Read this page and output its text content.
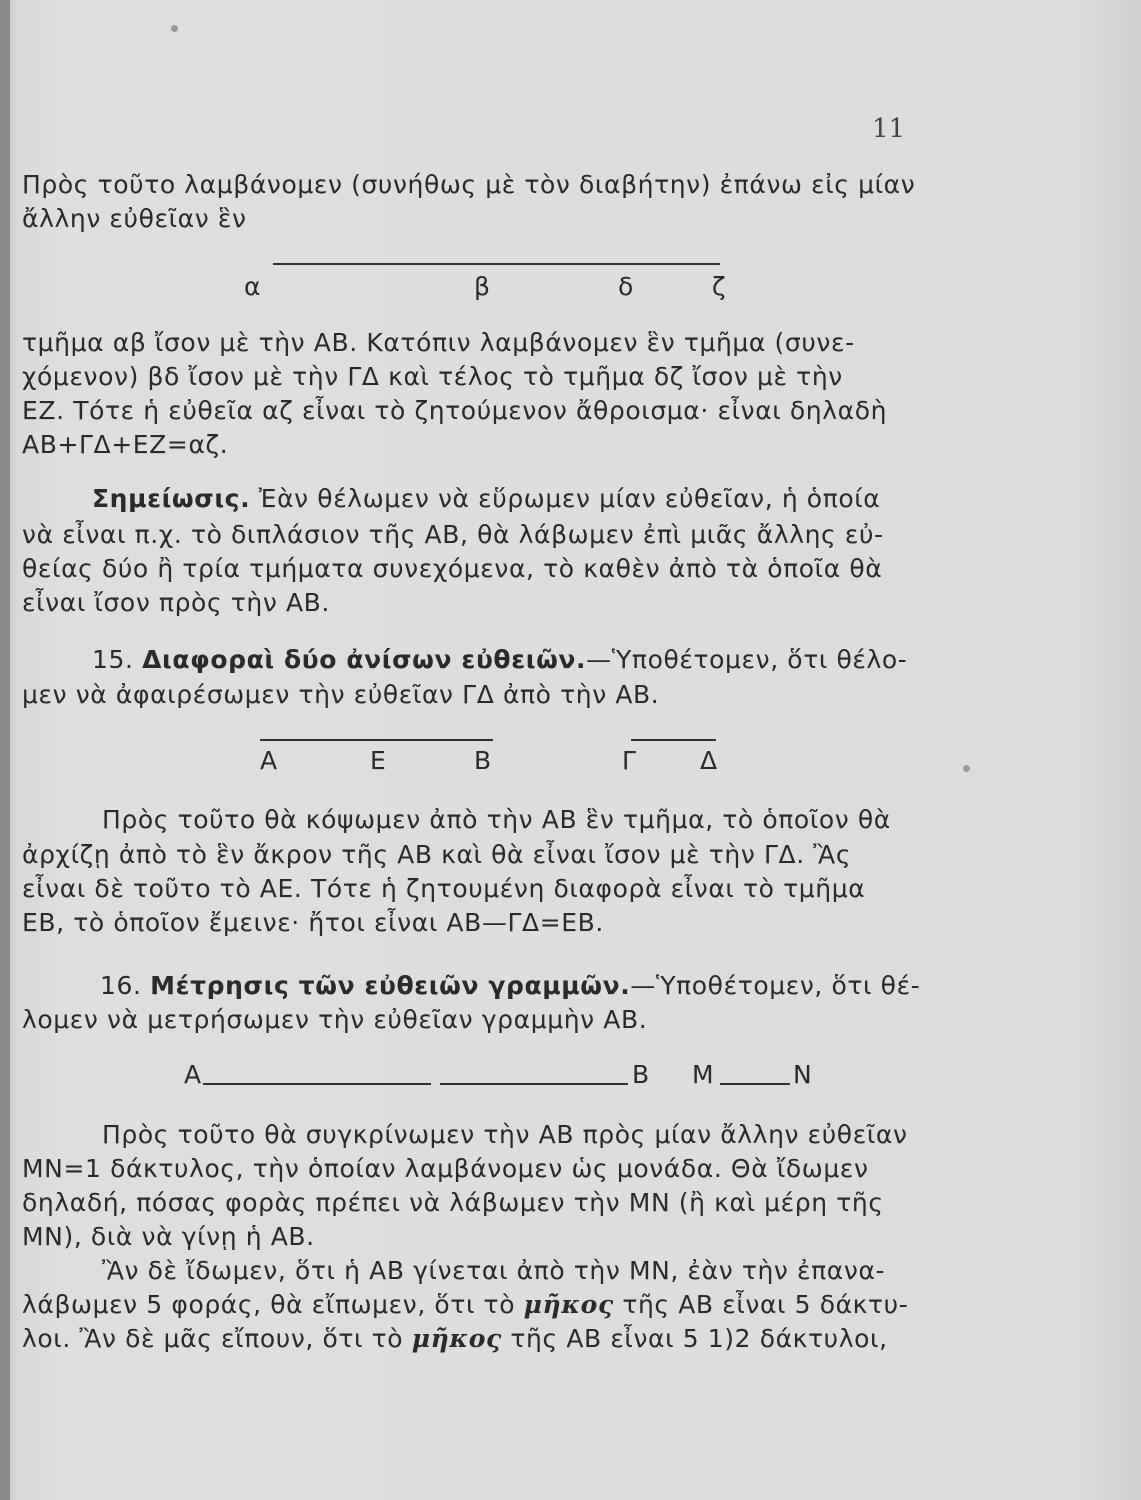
11
Πρὸς τοῦτο λαμβάνομεν (συνήθως μὲ τὸν διαβήτην) ἐπάνω εἰς μίαν
ἄλλην εὐθεῖαν ἓν
α	β	δ	ζ
τμῆμα αβ ἴσον μὲ τὴν ΑΒ. Κατόπιν λαμβάνομεν ἓν τμῆμα (συνε-
χόμενον) βδ ἴσον μὲ τὴν ΓΔ καὶ τέλος τὸ τμῆμα δζ ἴσον μὲ τὴν
ΕΖ. Τότε ἡ εὐθεῖα αζ εἶναι τὸ ζητούμενον ἄθροισμα· εἶναι δηλαδὴ
ΑΒ+ΓΔ+ΕΖ=αζ.
Σημείωσις. Ἐὰν θέλωμεν νὰ εὕρωμεν μίαν εὐθεῖαν, ἡ ὁποία
νὰ εἶναι π.χ. τὸ διπλάσιον τῆς ΑΒ, θὰ λάβωμεν ἐπὶ μιᾶς ἄλλης εὐ-
θείας δύο ἢ τρία τμήματα συνεχόμενα, τὸ καθὲν ἀπὸ τὰ ὁποῖα θὰ
εἶναι ἴσον πρὸς τὴν ΑΒ.
15. Διαφοραὶ δύο ἀνίσων εὐθειῶν.—Ὑποθέτομεν, ὅτι θέλο-
μεν νὰ ἀφαιρέσωμεν τὴν εὐθεῖαν ΓΔ ἀπὸ τὴν ΑΒ.
Α	Ε	Β	Γ	Δ
Πρὸς τοῦτο θὰ κόψωμεν ἀπὸ τὴν ΑΒ ἓν τμῆμα, τὸ ὁποῖον θὰ
ἀρχίζῃ ἀπὸ τὸ ἓν ἄκρον τῆς ΑΒ καὶ θὰ εἶναι ἴσον μὲ τὴν ΓΔ. Ἂς
εἶναι δὲ τοῦτο τὸ ΑΕ. Τότε ἡ ζητουμένη διαφορὰ εἶναι τὸ τμῆμα
ΕΒ, τὸ ὁποῖον ἔμεινε· ἤτοι εἶναι ΑΒ—ΓΔ=ΕΒ.
16. Μέτρησις τῶν εὐθειῶν γραμμῶν.—Ὑποθέτομεν, ὅτι θέ-
λομεν νὰ μετρήσωμεν τὴν εὐθεῖαν γραμμὴν ΑΒ.
Α	Β Μ	Ν
Πρὸς τοῦτο θὰ συγκρίνωμεν τὴν ΑΒ πρὸς μίαν ἄλλην εὐθεῖαν
ΜΝ=1 δάκτυλος, τὴν ὁποίαν λαμβάνομεν ὡς μονάδα. Θὰ ἴδωμεν
δηλαδή, πόσας φορὰς πρέπει νὰ λάβωμεν τὴν ΜΝ (ἢ καὶ μέρη τῆς
ΜΝ), διὰ νὰ γίνῃ ἡ ΑΒ.
Ἂν δὲ ἴδωμεν, ὅτι ἡ ΑΒ γίνεται ἀπὸ τὴν ΜΝ, ἐὰν τὴν ἐπανα-
λάβωμεν 5 φοράς, θὰ εἴπωμεν, ὅτι τὸ μῆκος τῆς ΑΒ εἶναι 5 δάκτυ-
λοι. Ἂν δὲ μᾶς εἴπουν, ὅτι τὸ μῆκος τῆς ΑΒ εἶναι 5 1)2 δάκτυλοι,
